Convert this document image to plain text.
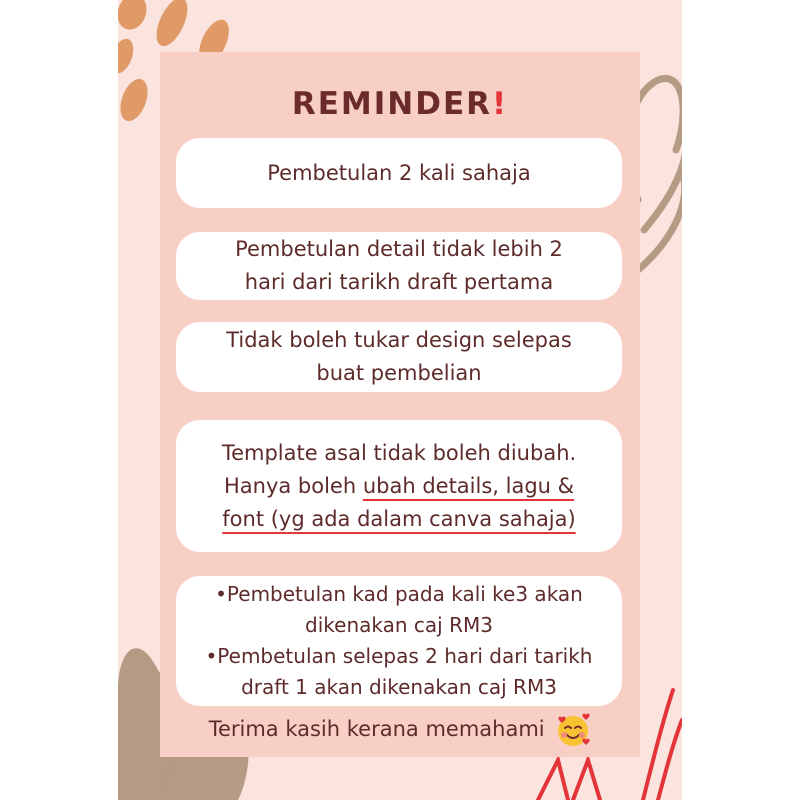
REMINDER!
Pembetulan 2 kali sahaja
Pembetulan detail tidak lebih 2
hari dari tarikh draft pertama
Tidak boleh tukar design selepas
buat pembelian
Template asal tidak boleh diubah.
Hanya boleh ubah details, lagu &
font (yg ada dalam canva sahaja)
•Pembetulan kad pada kali ke3 akan
dikenakan caj RM3
•Pembetulan selepas 2 hari dari tarikh
draft 1 akan dikenakan caj RM3
Terima kasih kerana memahami
